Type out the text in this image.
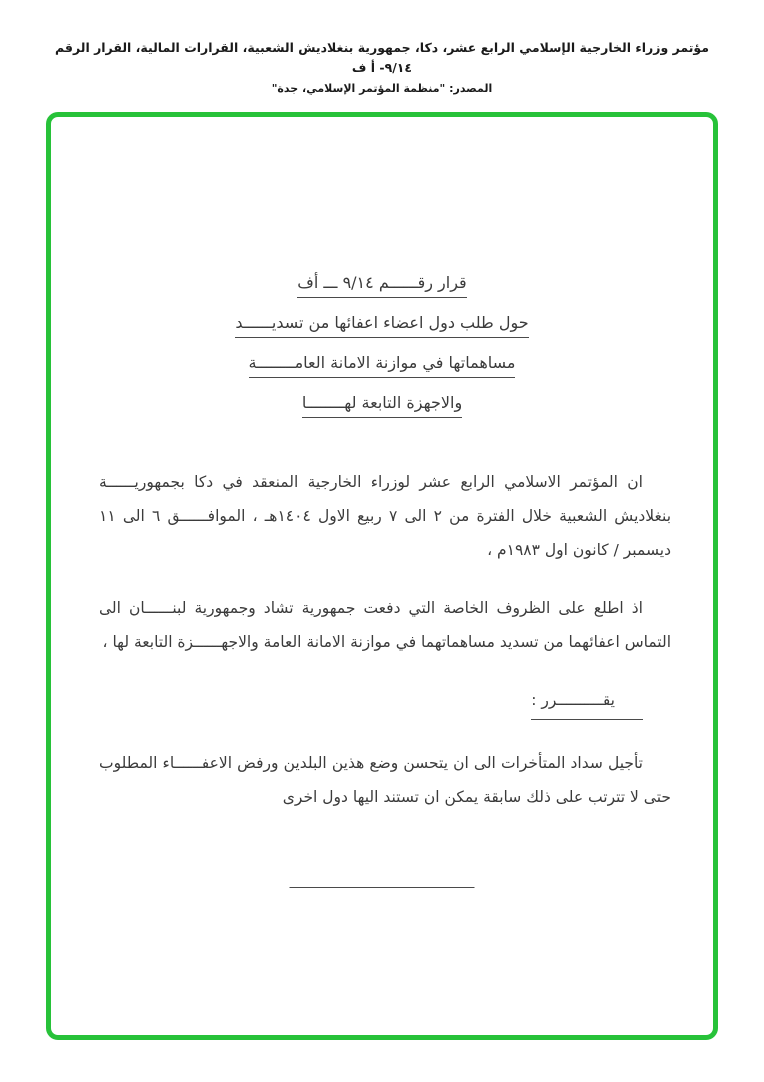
مؤتمر وزراء الخارجية الإسلامي الرابع عشر، دكا، جمهورية بنغلاديش الشعبية، القرارات المالية، القرار الرقم ٩/١٤- أ ف
المصدر: "منظمة المؤتمر الإسلامي، جدة"
قرار رقــــــم ٩/١٤ ـــ أف
حول طلب دول اعضاء اعفائها من تسديــــــد
مساهماتها في موازنة الامانة العامــــــــة
والاجهزة التابعة لهــــــــا

ان المؤتمر الاسلامي الرابع عشر لوزراء الخارجية المنعقد في دكا بجمهوريــــــة بنغلاديش الشعبية خلال الفترة من ٢ الى ٧ ربيع الاول ١٤٠٤هـ ، الموافــــــق ٦ الى ١١ ديسمبر / كانون اول ١٩٨٣م ،

اذ اطلع على الظروف الخاصة التي دفعت جمهورية تشاد وجمهورية لبنــــــان الى التماس اعفائهما من تسديد مساهماتهما في موازنة الامانة العامة والاجهــــــزة التابعة لها ،

يقــــــــــرر :

تأجيل سداد المتأخرات الى ان يتحسن وضع هذين البلدين ورفض الاعفــــــاء المطلوب حتى لا تترتب على ذلك سابقة يمكن ان تستند اليها دول اخرى
